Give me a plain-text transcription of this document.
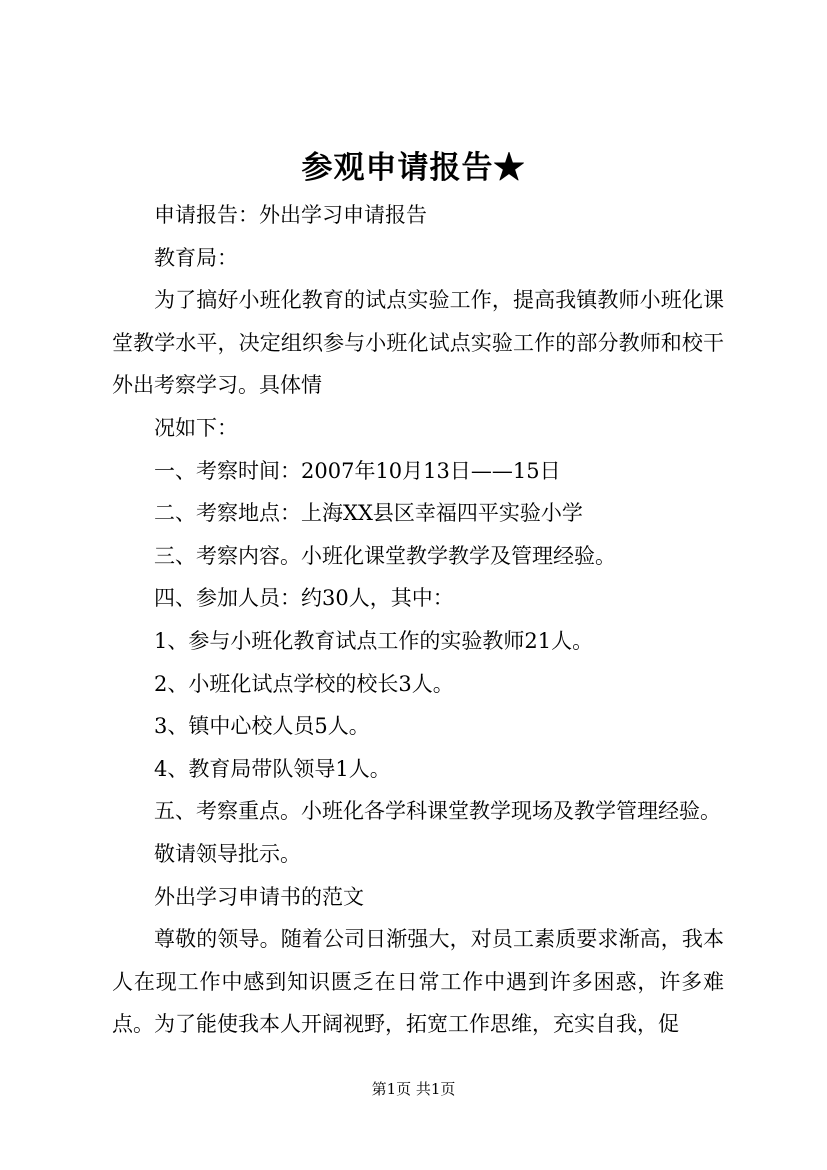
参观申请报告★

申请报告：外出学习申请报告

教育局：

为了搞好小班化教育的试点实验工作，提高我镇教师小班化课堂教学水平，决定组织参与小班化试点实验工作的部分教师和校干外出考察学习。具体情

况如下：

一、考察时间：2007年10月13日——15日

二、考察地点：上海XX县区幸福四平实验小学

三、考察内容。小班化课堂教学教学及管理经验。

四、参加人员：约30人，其中：

1、参与小班化教育试点工作的实验教师21人。

2、小班化试点学校的校长3人。

3、镇中心校人员5人。

4、教育局带队领导1人。

五、考察重点。小班化各学科课堂教学现场及教学管理经验。

敬请领导批示。

外出学习申请书的范文

尊敬的领导。随着公司日渐强大，对员工素质要求渐高，我本人在现工作中感到知识匮乏在日常工作中遇到许多困惑，许多难点。为了能使我本人开阔视野，拓宽工作思维，充实自我，促

第1页 共1页
